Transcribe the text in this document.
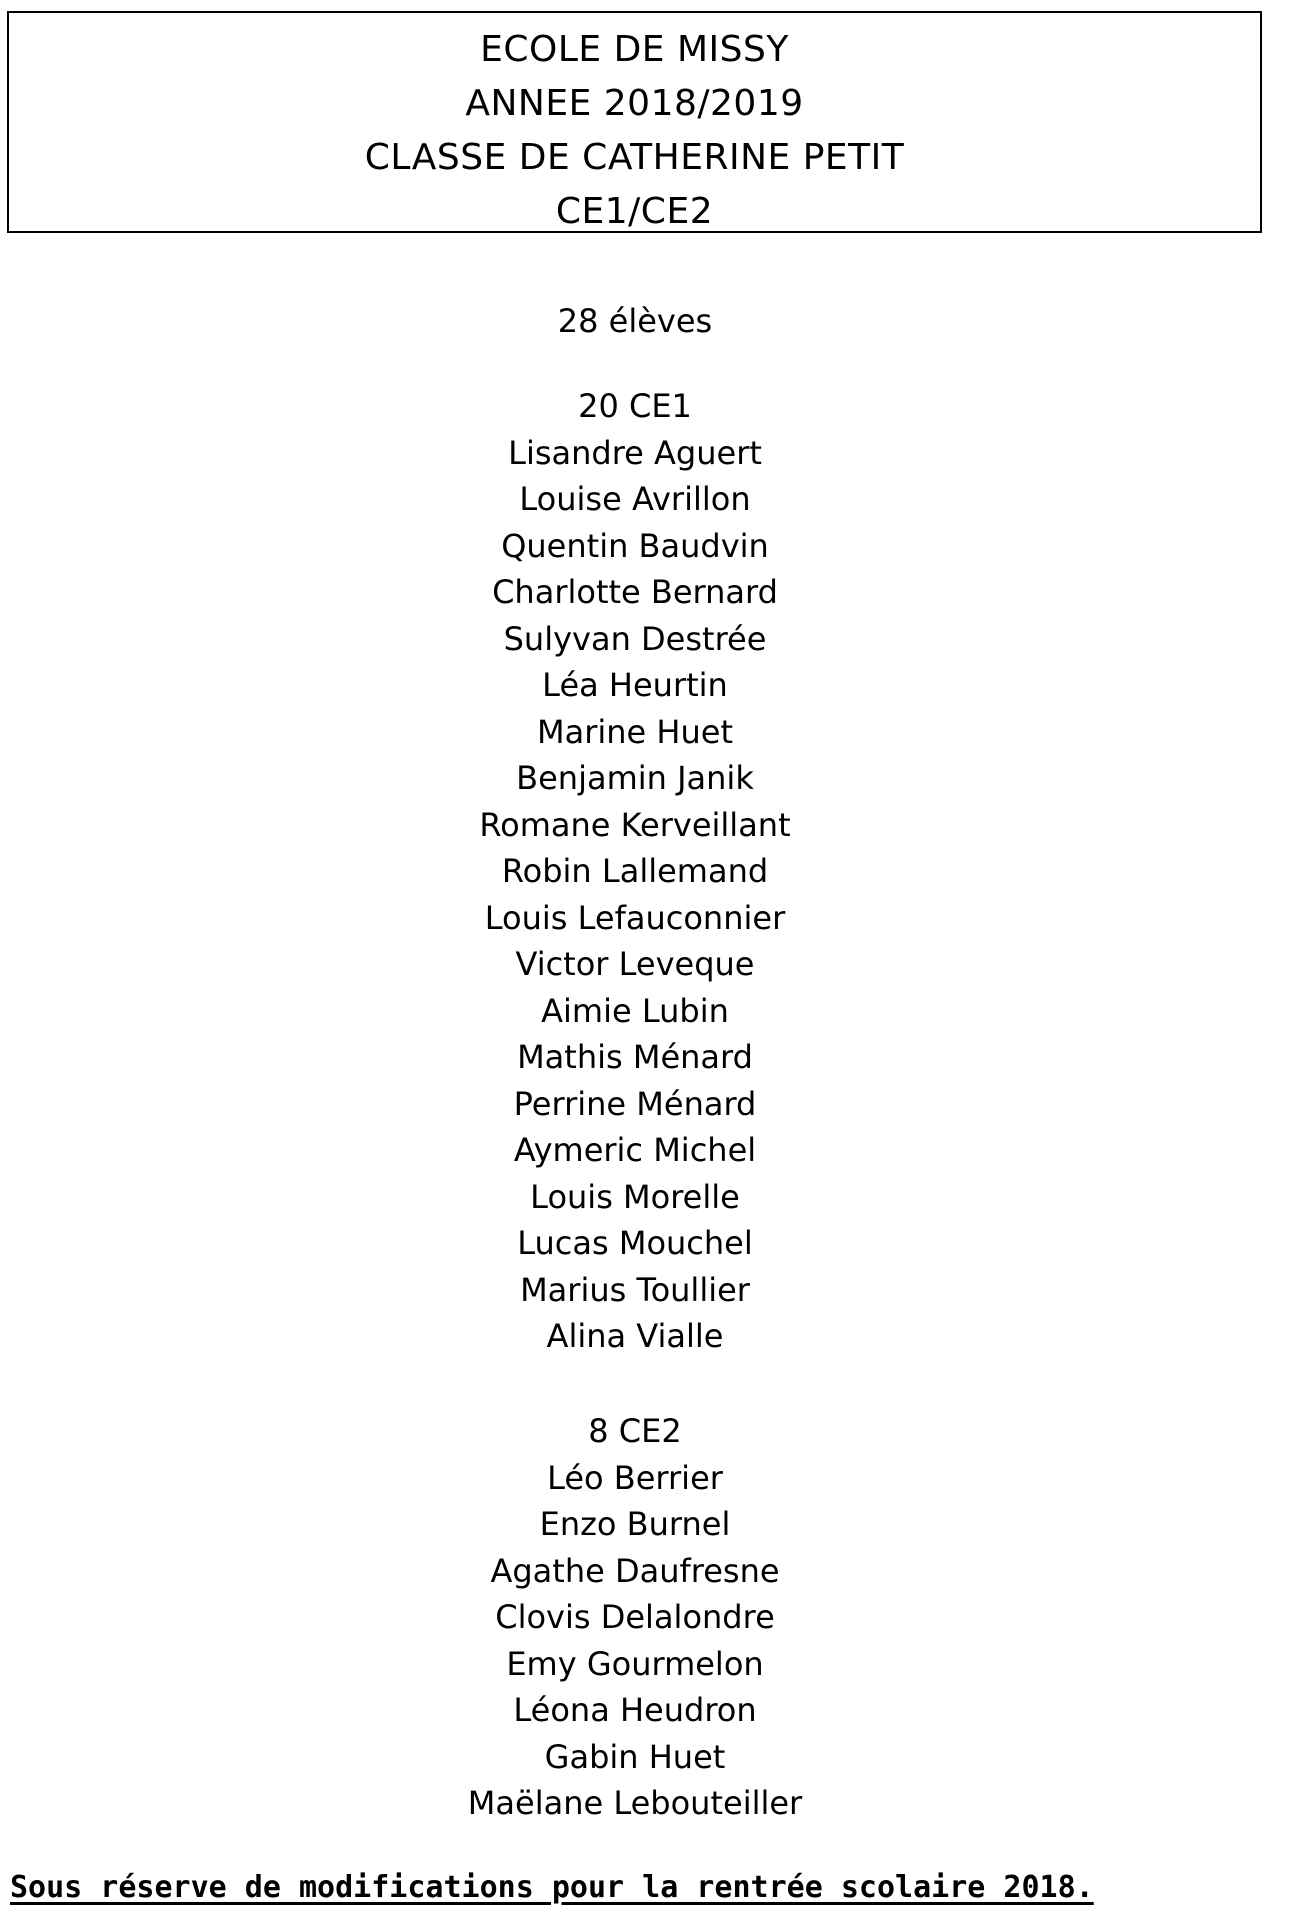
ECOLE DE MISSY
ANNEE 2018/2019
CLASSE DE CATHERINE PETIT
CE1/CE2
28 élèves
20 CE1
Lisandre Aguert
Louise Avrillon
Quentin Baudvin
Charlotte Bernard
Sulyvan Destrée
Léa Heurtin
Marine Huet
Benjamin Janik
Romane Kerveillant
Robin Lallemand
Louis Lefauconnier
Victor Leveque
Aimie Lubin
Mathis Ménard
Perrine Ménard
Aymeric Michel
Louis Morelle
Lucas Mouchel
Marius Toullier
Alina Vialle
8 CE2
Léo Berrier
Enzo Burnel
Agathe Daufresne
Clovis Delalondre
Emy Gourmelon
Léona Heudron
Gabin Huet
Maëlane Lebouteiller
Sous réserve de modifications pour la rentrée scolaire 2018.
